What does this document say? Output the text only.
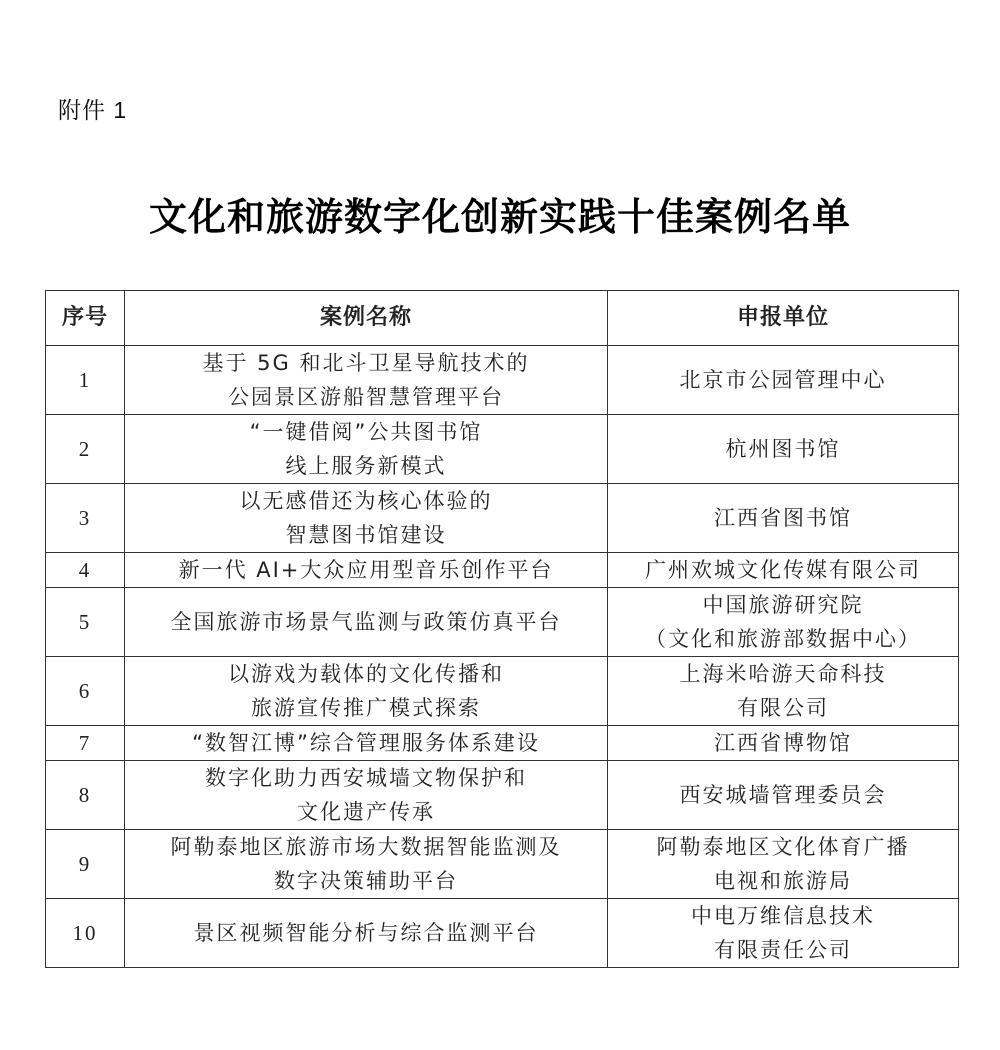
附件 1
文化和旅游数字化创新实践十佳案例名单
序号	案例名称	申报单位
1	基于 5G 和北斗卫星导航技术的
公园景区游船智慧管理平台	北京市公园管理中心

2	“一键借阅”公共图书馆
线上服务新模式	杭州图书馆

3	以无感借还为核心体验的
智慧图书馆建设	江西省图书馆

4	新一代 AI+大众应用型音乐创作平台	广州欢城文化传媒有限公司

5	全国旅游市场景气监测与政策仿真平台	中国旅游研究院
（文化和旅游部数据中心）

6	以游戏为载体的文化传播和
旅游宣传推广模式探索	上海米哈游天命科技
有限公司

7	“数智江博”综合管理服务体系建设	江西省博物馆

8	数字化助力西安城墙文物保护和
文化遗产传承	西安城墙管理委员会

9	阿勒泰地区旅游市场大数据智能监测及
数字决策辅助平台	阿勒泰地区文化体育广播
电视和旅游局

10	景区视频智能分析与综合监测平台	中电万维信息技术
有限责任公司
